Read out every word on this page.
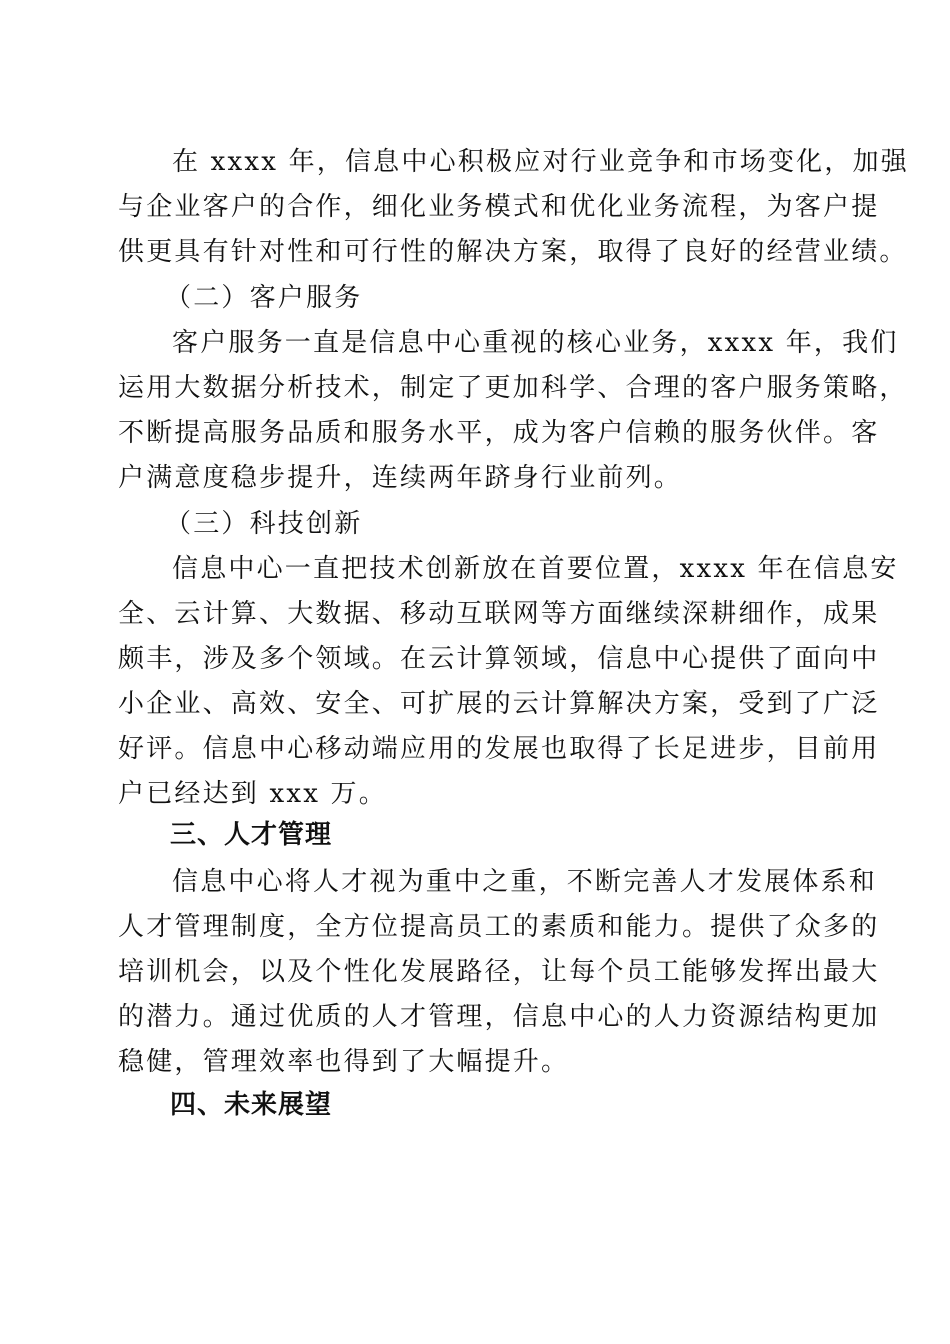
在 xxxx 年，信息中心积极应对行业竞争和市场变化，加强
与企业客户的合作，细化业务模式和优化业务流程，为客户提
供更具有针对性和可行性的解决方案，取得了良好的经营业绩。
（二）客户服务
客户服务一直是信息中心重视的核心业务，xxxx 年，我们
运用大数据分析技术，制定了更加科学、合理的客户服务策略，
不断提高服务品质和服务水平，成为客户信赖的服务伙伴。客
户满意度稳步提升，连续两年跻身行业前列。
（三）科技创新
信息中心一直把技术创新放在首要位置，xxxx 年在信息安
全、云计算、大数据、移动互联网等方面继续深耕细作，成果
颇丰，涉及多个领域。在云计算领域，信息中心提供了面向中
小企业、高效、安全、可扩展的云计算解决方案，受到了广泛
好评。信息中心移动端应用的发展也取得了长足进步，目前用
户已经达到 xxx 万。
三、人才管理
信息中心将人才视为重中之重，不断完善人才发展体系和
人才管理制度，全方位提高员工的素质和能力。提供了众多的
培训机会，以及个性化发展路径，让每个员工能够发挥出最大
的潜力。通过优质的人才管理，信息中心的人力资源结构更加
稳健，管理效率也得到了大幅提升。
四、未来展望
